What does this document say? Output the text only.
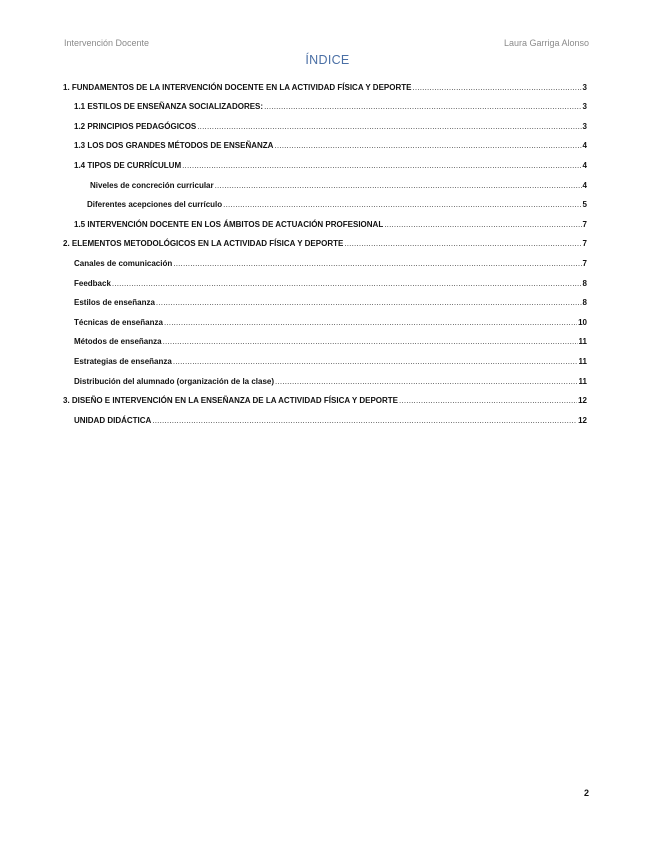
Intervención Docente	Laura Garriga Alonso
ÍNDICE
1. FUNDAMENTOS DE LA INTERVENCIÓN DOCENTE EN LA ACTIVIDAD FÍSICA Y DEPORTE .....	3
1.1 ESTILOS DE ENSEÑANZA SOCIALIZADORES: .....	3
1.2 PRINCIPIOS PEDAGÓGICOS .....	3
1.3 LOS DOS GRANDES MÉTODOS DE ENSEÑANZA .....	4
1.4 TIPOS DE CURRÍCULUM .....	4
Niveles de concreción curricular .....	4
Diferentes acepciones del currículo .....	5
1.5 INTERVENCIÓN DOCENTE EN LOS ÁMBITOS DE ACTUACIÓN PROFESIONAL .....	7
2. ELEMENTOS METODOLÓGICOS EN LA ACTIVIDAD FÍSICA Y DEPORTE .....	7
Canales de comunicación .....	7
Feedback .....	8
Estilos de enseñanza .....	8
Técnicas de enseñanza .....	10
Métodos de enseñanza .....	11
Estrategias de enseñanza .....	11
Distribución del alumnado (organización de la clase) .....	11
3. DISEÑO E INTERVENCIÓN EN LA ENSEÑANZA DE LA ACTIVIDAD FÍSICA Y DEPORTE .....	12
UNIDAD DIDÁCTICA .....	12
2
